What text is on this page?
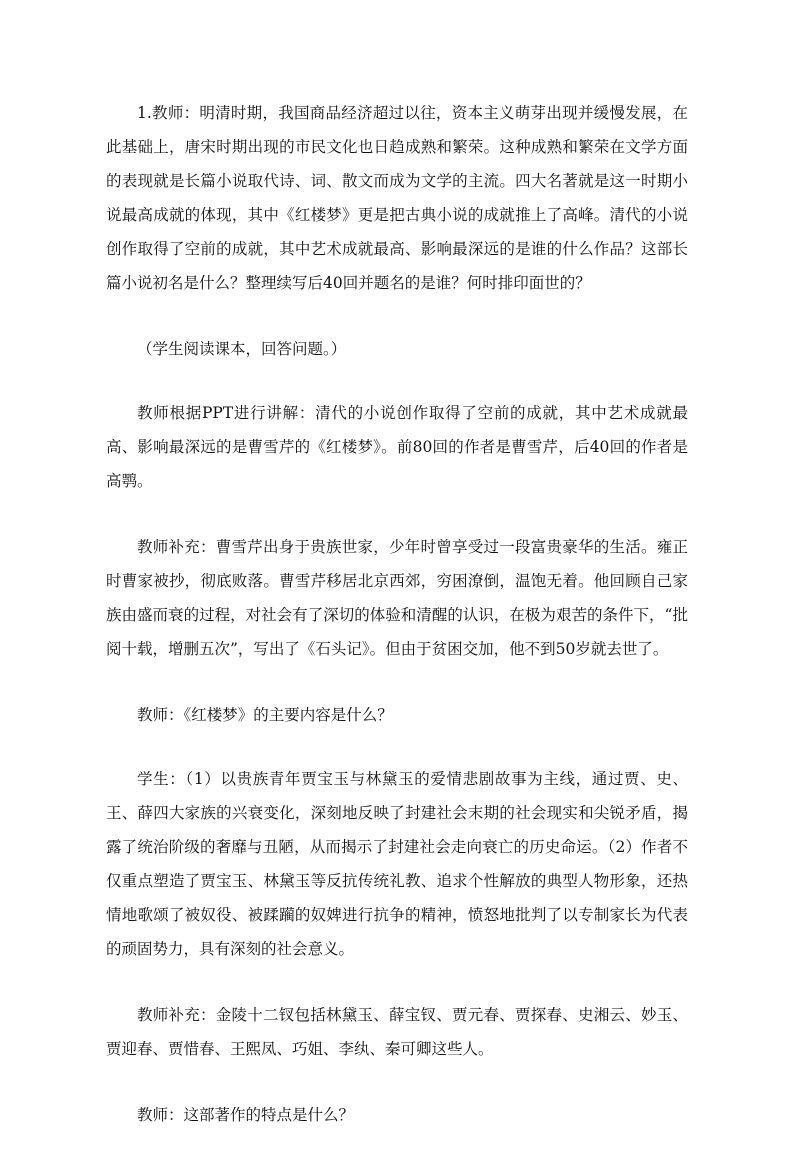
1.教师：明清时期，我国商品经济超过以往，资本主义萌芽出现并缓慢发展，在此基础上，唐宋时期出现的市民文化也日趋成熟和繁荣。这种成熟和繁荣在文学方面的表现就是长篇小说取代诗、词、散文而成为文学的主流。四大名著就是这一时期小说最高成就的体现，其中《红楼梦》更是把古典小说的成就推上了高峰。清代的小说创作取得了空前的成就，其中艺术成就最高、影响最深远的是谁的什么作品？这部长篇小说初名是什么？整理续写后40回并题名的是谁？何时排印面世的？

（学生阅读课本，回答问题。）

教师根据PPT进行讲解：清代的小说创作取得了空前的成就，其中艺术成就最高、影响最深远的是曹雪芹的《红楼梦》。前80回的作者是曹雪芹，后40回的作者是高鹗。

教师补充：曹雪芹出身于贵族世家，少年时曾享受过一段富贵豪华的生活。雍正时曹家被抄，彻底败落。曹雪芹移居北京西郊，穷困潦倒，温饱无着。他回顾自己家族由盛而衰的过程，对社会有了深切的体验和清醒的认识，在极为艰苦的条件下，“批阅十载，增删五次”，写出了《石头记》。但由于贫困交加，他不到50岁就去世了。

教师：《红楼梦》的主要内容是什么？

学生：（1）以贵族青年贾宝玉与林黛玉的爱情悲剧故事为主线，通过贾、史、王、薛四大家族的兴衰变化，深刻地反映了封建社会末期的社会现实和尖锐矛盾，揭露了统治阶级的奢靡与丑陋，从而揭示了封建社会走向衰亡的历史命运。（2）作者不仅重点塑造了贾宝玉、林黛玉等反抗传统礼教、追求个性解放的典型人物形象，还热情地歌颂了被奴役、被蹂躏的奴婢进行抗争的精神，愤怒地批判了以专制家长为代表的顽固势力，具有深刻的社会意义。

教师补充：金陵十二钗包括林黛玉、薛宝钗、贾元春、贾探春、史湘云、妙玉、贾迎春、贾惜春、王熙凤、巧姐、李纨、秦可卿这些人。

教师：这部著作的特点是什么？
